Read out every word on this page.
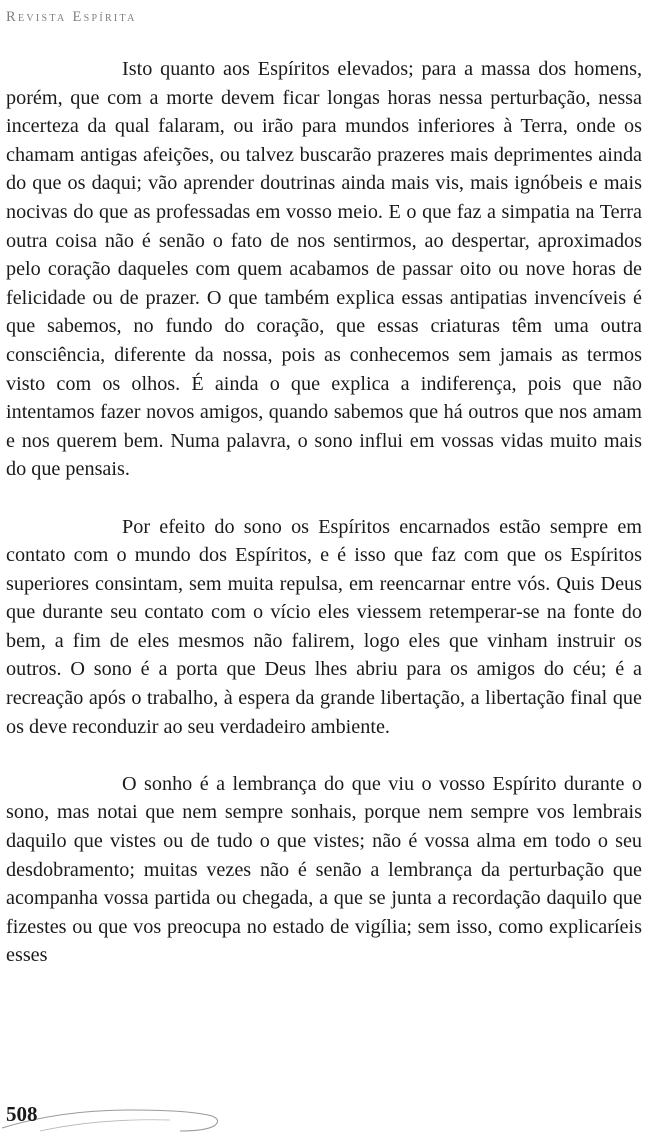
Revista Espírita

Isto quanto aos Espíritos elevados; para a massa dos homens, porém, que com a morte devem ficar longas horas nessa perturbação, nessa incerteza da qual falaram, ou irão para mundos inferiores à Terra, onde os chamam antigas afeições, ou talvez buscarão prazeres mais deprimentes ainda do que os daqui; vão aprender doutrinas ainda mais vis, mais ignóbeis e mais nocivas do que as professadas em vosso meio. E o que faz a simpatia na Terra outra coisa não é senão o fato de nos sentirmos, ao despertar, aproximados pelo coração daqueles com quem acabamos de passar oito ou nove horas de felicidade ou de prazer. O que também explica essas antipatias invencíveis é que sabemos, no fundo do coração, que essas criaturas têm uma outra consciência, diferente da nossa, pois as conhecemos sem jamais as termos visto com os olhos. É ainda o que explica a indiferença, pois que não intentamos fazer novos amigos, quando sabemos que há outros que nos amam e nos querem bem. Numa palavra, o sono influi em vossas vidas muito mais do que pensais.

Por efeito do sono os Espíritos encarnados estão sempre em contato com o mundo dos Espíritos, e é isso que faz com que os Espíritos superiores consintam, sem muita repulsa, em reencarnar entre vós. Quis Deus que durante seu contato com o vício eles viessem retemperar-se na fonte do bem, a fim de eles mesmos não falirem, logo eles que vinham instruir os outros. O sono é a porta que Deus lhes abriu para os amigos do céu; é a recreação após o trabalho, à espera da grande libertação, a libertação final que os deve reconduzir ao seu verdadeiro ambiente.

O sonho é a lembrança do que viu o vosso Espírito durante o sono, mas notai que nem sempre sonhais, porque nem sempre vos lembrais daquilo que vistes ou de tudo o que vistes; não é vossa alma em todo o seu desdobramento; muitas vezes não é senão a lembrança da perturbação que acompanha vossa partida ou chegada, a que se junta a recordação daquilo que fizestes ou que vos preocupa no estado de vigília; sem isso, como explicaríeis esses

508
